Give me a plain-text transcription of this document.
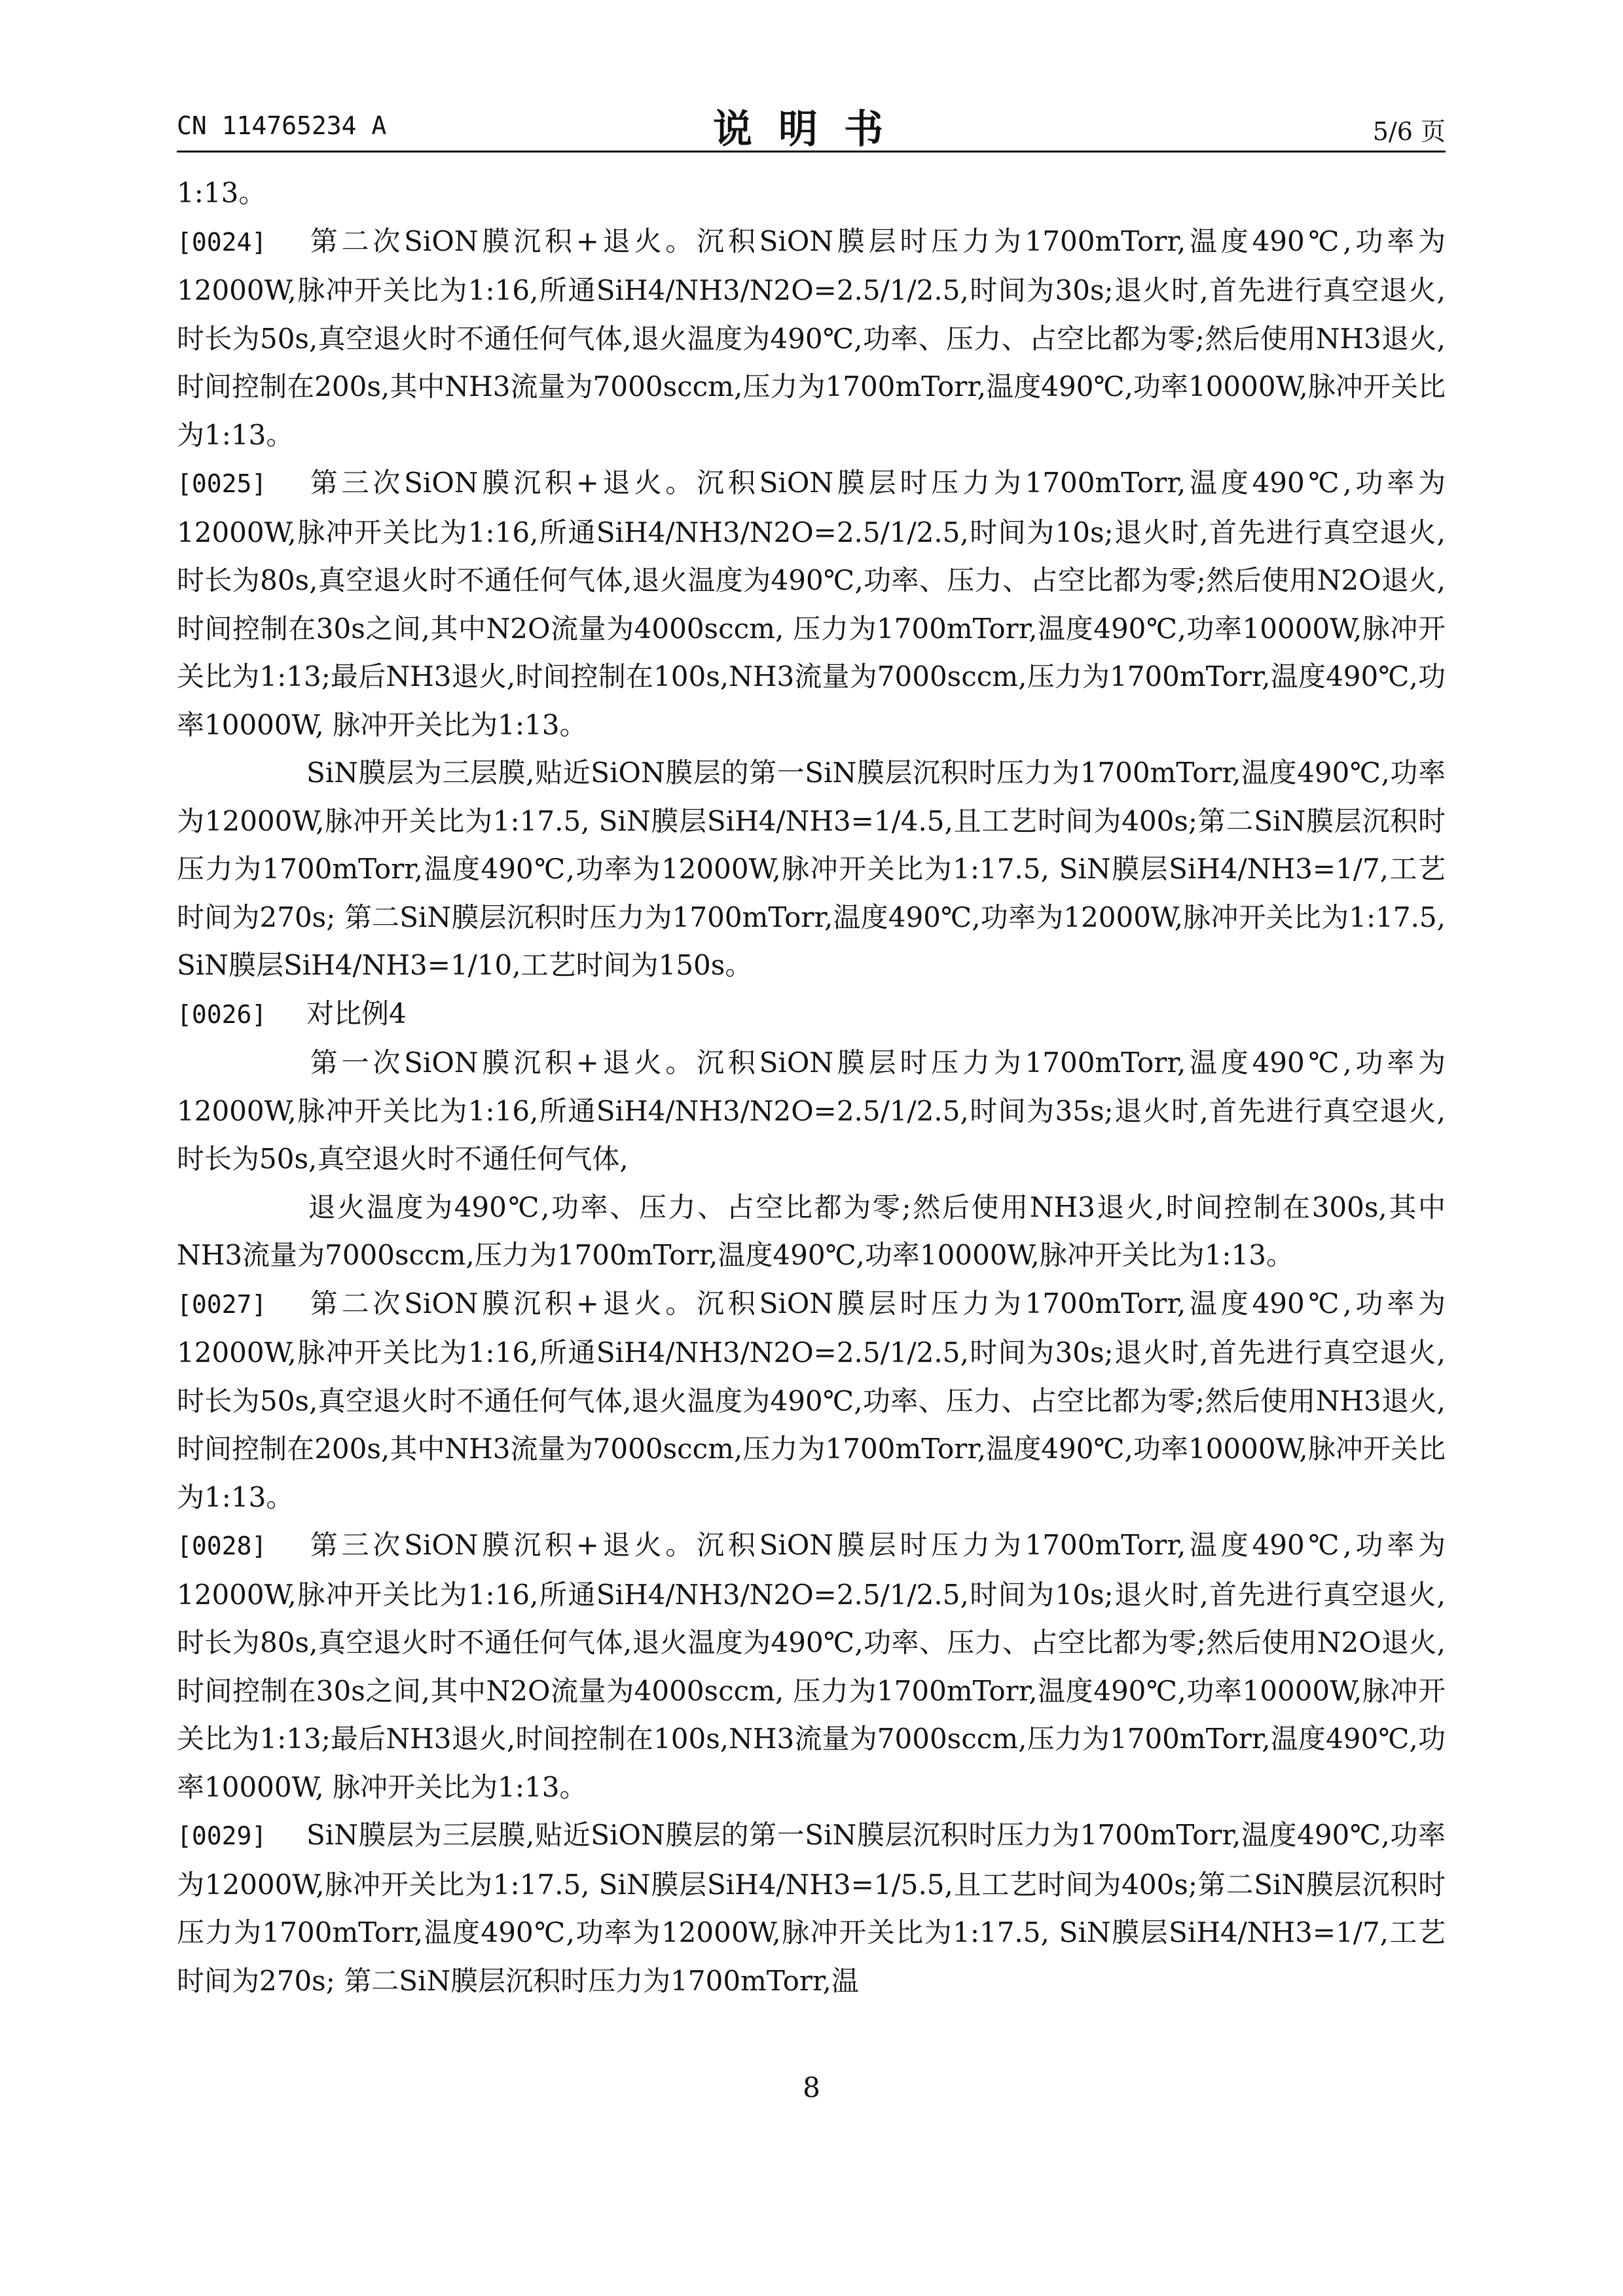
CN 114765234 A	说明书	5/6 页

1:13。

[0024] 第二次SiON膜沉积+退火。沉积SiON膜层时压力为1700mTorr,温度490℃,功率为12000W,脉冲开关比为1:16,所通SiH4/NH3/N2O=2.5/1/2.5,时间为30s;退火时,首先进行真空退火,时长为50s,真空退火时不通任何气体,退火温度为490℃,功率、压力、占空比都为零;然后使用NH3退火,时间控制在200s,其中NH3流量为7000sccm,压力为1700mTorr,温度490℃,功率10000W,脉冲开关比为1:13。

[0025] 第三次SiON膜沉积+退火。沉积SiON膜层时压力为1700mTorr,温度490℃,功率为12000W,脉冲开关比为1:16,所通SiH4/NH3/N2O=2.5/1/2.5,时间为10s;退火时,首先进行真空退火,时长为80s,真空退火时不通任何气体,退火温度为490℃,功率、压力、占空比都为零;然后使用N2O退火,时间控制在30s之间,其中N2O流量为4000sccm, 压力为1700mTorr,温度490℃,功率10000W,脉冲开关比为1:13;最后NH3退火,时间控制在100s,NH3流量为7000sccm,压力为1700mTorr,温度490℃,功率10000W, 脉冲开关比为1:13。

SiN膜层为三层膜,贴近SiON膜层的第一SiN膜层沉积时压力为1700mTorr,温度490℃,功率为12000W,脉冲开关比为1:17.5, SiN膜层SiH4/NH3=1/4.5,且工艺时间为400s;第二SiN膜层沉积时压力为1700mTorr,温度490℃,功率为12000W,脉冲开关比为1:17.5, SiN膜层SiH4/NH3=1/7,工艺时间为270s; 第二SiN膜层沉积时压力为1700mTorr,温度490℃,功率为12000W,脉冲开关比为1:17.5, SiN膜层SiH4/NH3=1/10,工艺时间为150s。

[0026] 对比例4

第一次SiON膜沉积+退火。沉积SiON膜层时压力为1700mTorr,温度490℃,功率为12000W,脉冲开关比为1:16,所通SiH4/NH3/N2O=2.5/1/2.5,时间为35s;退火时,首先进行真空退火,时长为50s,真空退火时不通任何气体,

退火温度为490℃,功率、压力、占空比都为零;然后使用NH3退火,时间控制在300s,其中NH3流量为7000sccm,压力为1700mTorr,温度490℃,功率10000W,脉冲开关比为1:13。

[0027] 第二次SiON膜沉积+退火。沉积SiON膜层时压力为1700mTorr,温度490℃,功率为12000W,脉冲开关比为1:16,所通SiH4/NH3/N2O=2.5/1/2.5,时间为30s;退火时,首先进行真空退火,时长为50s,真空退火时不通任何气体,退火温度为490℃,功率、压力、占空比都为零;然后使用NH3退火,时间控制在200s,其中NH3流量为7000sccm,压力为1700mTorr,温度490℃,功率10000W,脉冲开关比为1:13。

[0028] 第三次SiON膜沉积+退火。沉积SiON膜层时压力为1700mTorr,温度490℃,功率为12000W,脉冲开关比为1:16,所通SiH4/NH3/N2O=2.5/1/2.5,时间为10s;退火时,首先进行真空退火,时长为80s,真空退火时不通任何气体,退火温度为490℃,功率、压力、占空比都为零;然后使用N2O退火,时间控制在30s之间,其中N2O流量为4000sccm, 压力为1700mTorr,温度490℃,功率10000W,脉冲开关比为1:13;最后NH3退火,时间控制在100s,NH3流量为7000sccm,压力为1700mTorr,温度490℃,功率10000W, 脉冲开关比为1:13。

[0029] SiN膜层为三层膜,贴近SiON膜层的第一SiN膜层沉积时压力为1700mTorr,温度490℃,功率为12000W,脉冲开关比为1:17.5, SiN膜层SiH4/NH3=1/5.5,且工艺时间为400s;第二SiN膜层沉积时压力为1700mTorr,温度490℃,功率为12000W,脉冲开关比为1:17.5, SiN膜层SiH4/NH3=1/7,工艺时间为270s; 第二SiN膜层沉积时压力为1700mTorr,温

8
